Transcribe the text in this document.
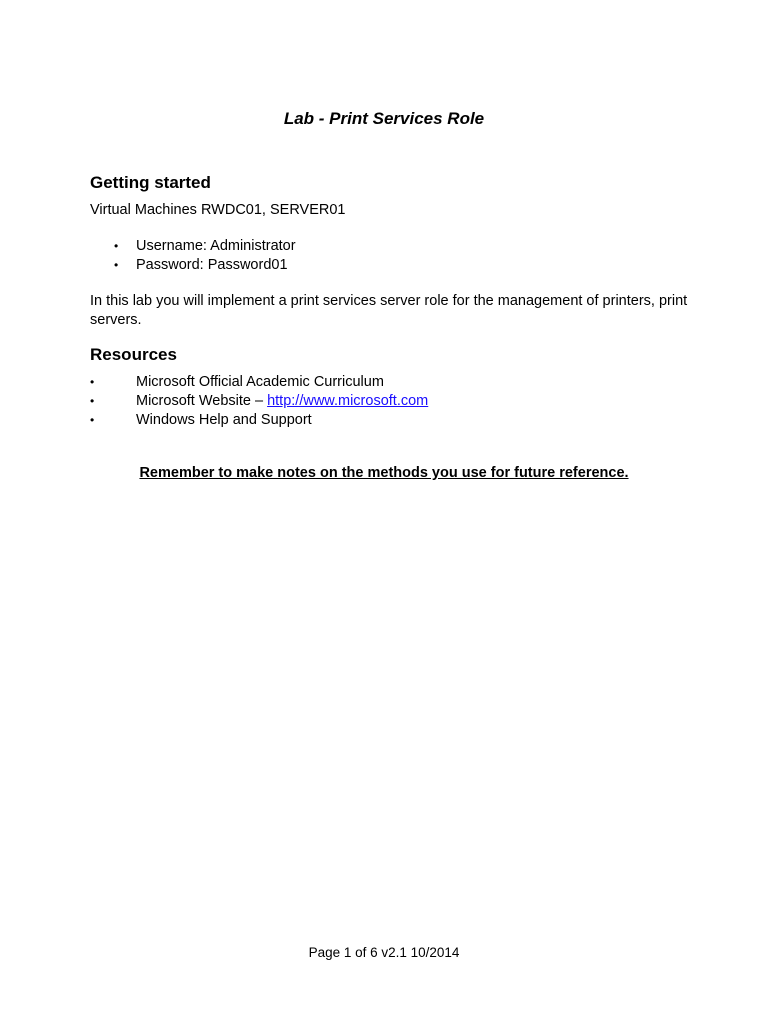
Lab - Print Services Role
Getting started
Virtual Machines RWDC01, SERVER01
• Username: Administrator
• Password: Password01
In this lab you will implement a print services server role for the management of printers, print servers.
Resources
•	Microsoft Official Academic Curriculum
•	Microsoft Website – http://www.microsoft.com
•	Windows Help and Support
Remember to make notes on the methods you use for future reference.
Page 1 of 6 v2.1 10/2014
